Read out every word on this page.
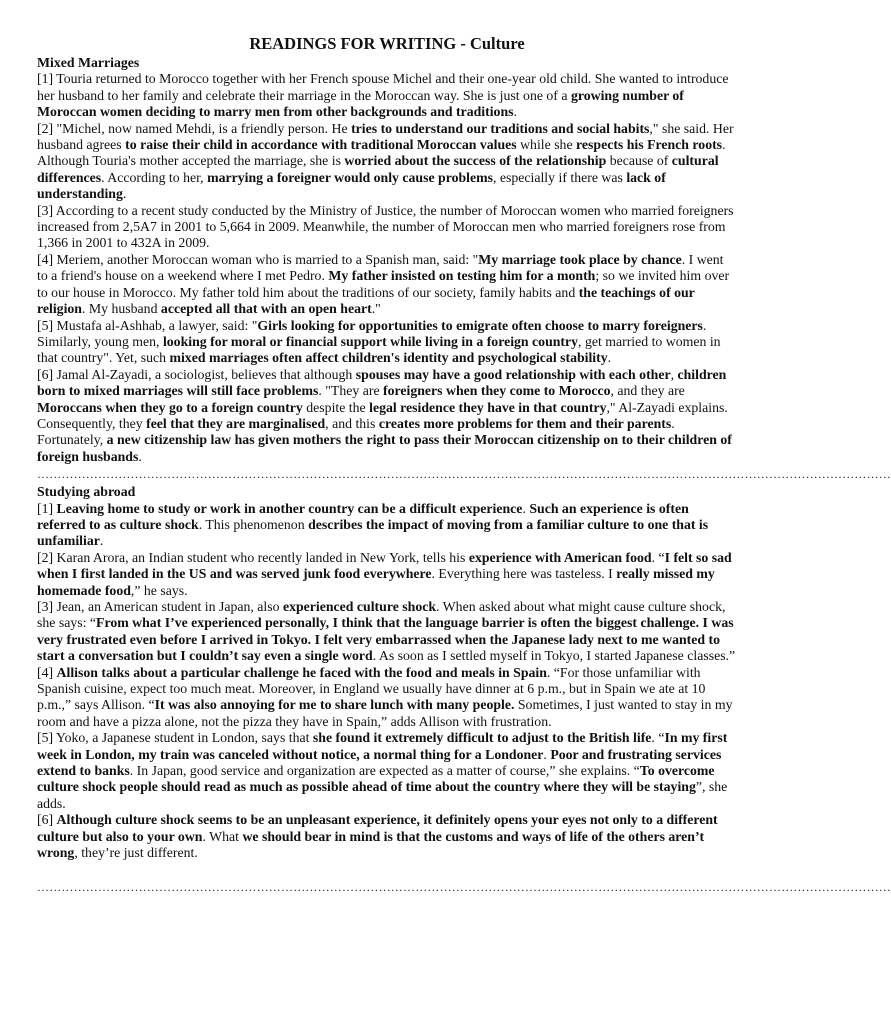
READINGS FOR WRITING - Culture
Mixed Marriages

[1] Touria returned to Morocco together with her French spouse Michel and their one-year old child. She wanted to introduce her husband to her family and celebrate their marriage in the Moroccan way. She is just one of a growing number of Moroccan women deciding to marry men from other backgrounds and traditions.

[2] "Michel, now named Mehdi, is a friendly person. He tries to understand our traditions and social habits," she said. Her husband agrees to raise their child in accordance with traditional Moroccan values while she respects his French roots. Although Touria's mother accepted the marriage, she is worried about the success of the relationship because of cultural differences. According to her, marrying a foreigner would only cause problems, especially if there was lack of understanding.

[3] According to a recent study conducted by the Ministry of Justice, the number of Moroccan women who married foreigners increased from 2,5A7 in 2001 to 5,664 in 2009. Meanwhile, the number of Moroccan men who married foreigners rose from 1,366 in 2001 to 432A in 2009.

[4] Meriem, another Moroccan woman who is married to a Spanish man, said: "My marriage took place by chance. I went to a friend's house on a weekend where I met Pedro. My father insisted on testing him for a month; so we invited him over to our house in Morocco. My father told him about the traditions of our society, family habits and the teachings of our religion. My husband accepted all that with an open heart."

[5] Mustafa al-Ashhab, a lawyer, said: "Girls looking for opportunities to emigrate often choose to marry foreigners. Similarly, young men, looking for moral or financial support while living in a foreign country, get married to women in that country". Yet, such mixed marriages often affect children's identity and psychological stability.

[6] Jamal Al-Zayadi, a sociologist, believes that although spouses may have a good relationship with each other, children born to mixed marriages will still face problems. "They are foreigners when they come to Morocco, and they are Moroccans when they go to a foreign country despite the legal residence they have in that country," Al-Zayadi explains. Consequently, they feel that they are marginalised, and this creates more problems for them and their parents. Fortunately, a new citizenship law has given mothers the right to pass their Moroccan citizenship on to their children of foreign husbands.

…………………………………………………………………………………………………………………………………………………………………………………………
Studying abroad

[1] Leaving home to study or work in another country can be a difficult experience. Such an experience is often referred to as culture shock. This phenomenon describes the impact of moving from a familiar culture to one that is unfamiliar.

[2] Karan Arora, an Indian student who recently landed in New York, tells his experience with American food. “I felt so sad when I first landed in the US and was served junk food everywhere. Everything here was tasteless. I really missed my homemade food,” he says.

[3] Jean, an American student in Japan, also experienced culture shock. When asked about what might cause culture shock, she says: “From what I’ve experienced personally, I think that the language barrier is often the biggest challenge. I was very frustrated even before I arrived in Tokyo. I felt very embarrassed when the Japanese lady next to me wanted to start a conversation but I couldn’t say even a single word. As soon as I settled myself in Tokyo, I started Japanese classes.”

[4] Allison talks about a particular challenge he faced with the food and meals in Spain. “For those unfamiliar with Spanish cuisine, expect too much meat. Moreover, in England we usually have dinner at 6 p.m., but in Spain we ate at 10 p.m.,” says Allison. “It was also annoying for me to share lunch with many people. Sometimes, I just wanted to stay in my room and have a pizza alone, not the pizza they have in Spain,” adds Allison with frustration.

[5] Yoko, a Japanese student in London, says that she found it extremely difficult to adjust to the British life. “In my first week in London, my train was canceled without notice, a normal thing for a Londoner. Poor and frustrating services extend to banks. In Japan, good service and organization are expected as a matter of course,” she explains. “To overcome culture shock people should read as much as possible ahead of time about the country where they will be staying”, she adds.

[6] Although culture shock seems to be an unpleasant experience, it definitely opens your eyes not only to a different culture but also to your own. What we should bear in mind is that the customs and ways of life of the others aren’t wrong, they’re just different.

…………………………………………………………………………………………………………………………………………………………………………………………
